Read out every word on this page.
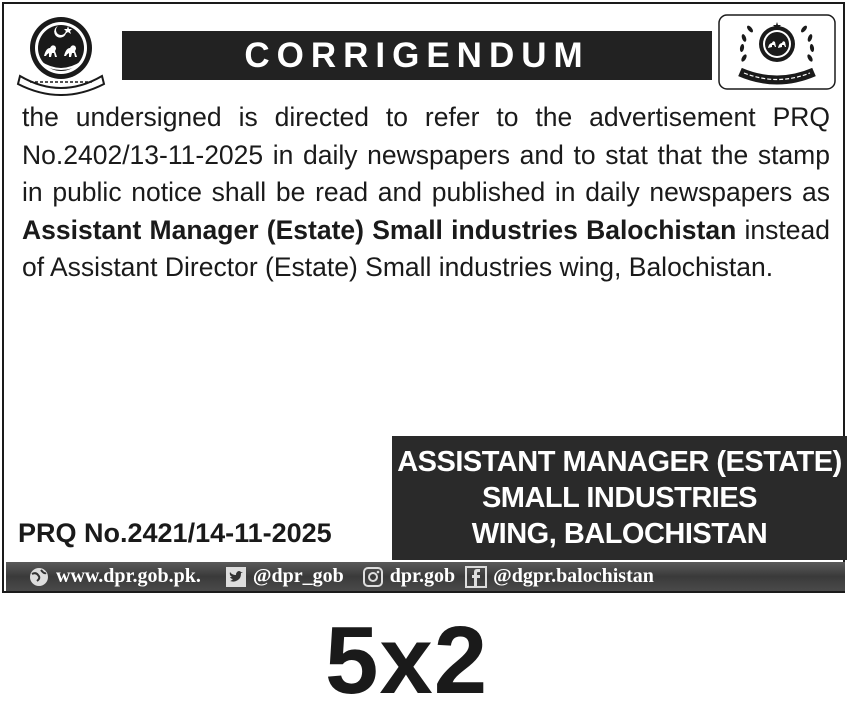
CORRIGENDUM

the undersigned is directed to refer to the advertisement PRQ No.2402/13-11-2025 in daily newspapers and to stat that the stamp in public notice shall be read and published in daily newspapers as Assistant Manager (Estate) Small industries Balochistan instead of Assistant Director (Estate) Small industries wing, Balochistan.

ASSISTANT MANAGER (ESTATE)
SMALL INDUSTRIES
WING, BALOCHISTAN
PRQ No.2421/14-11-2025
www.dpr.gob.pk.	@dpr_gob dpr.gob @dgpr.balochistan
5x2
